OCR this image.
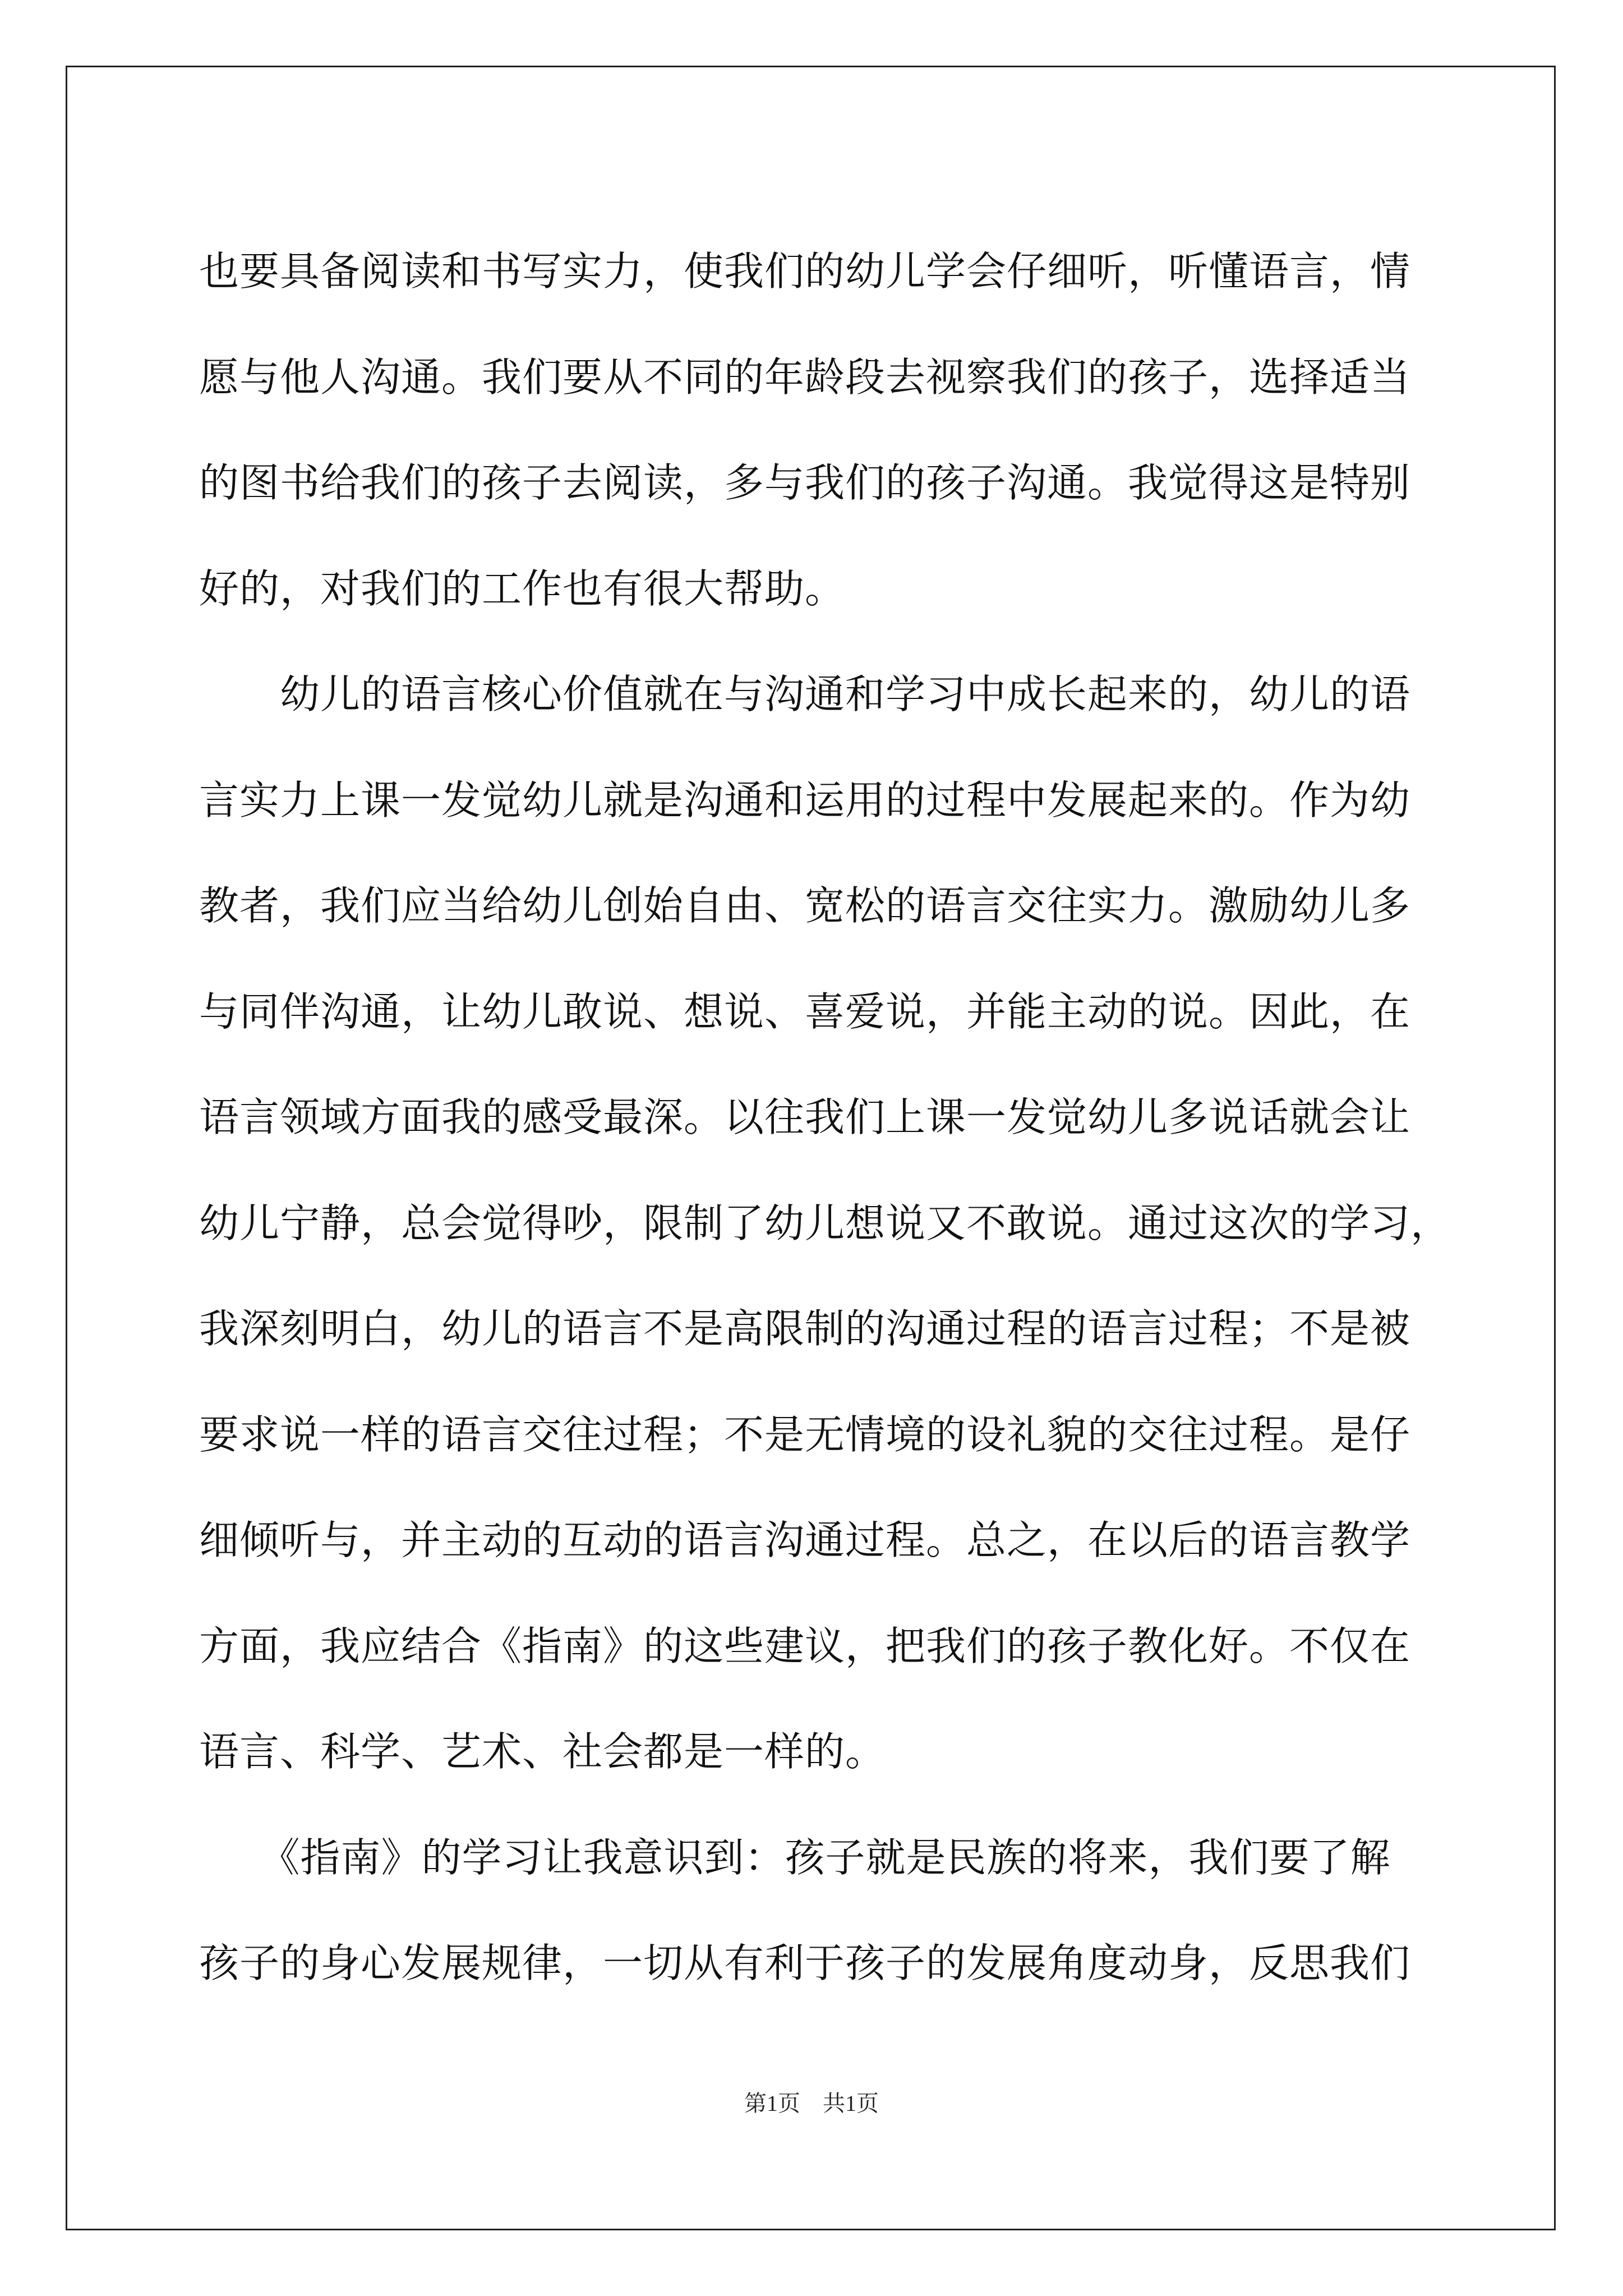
也要具备阅读和书写实力，使我们的幼儿学会仔细听，听懂语言，情
愿与他人沟通。我们要从不同的年龄段去视察我们的孩子，选择适当
的图书给我们的孩子去阅读，多与我们的孩子沟通。我觉得这是特别
好的，对我们的工作也有很大帮助。
　　幼儿的语言核心价值就在与沟通和学习中成长起来的，幼儿的语
言实力上课一发觉幼儿就是沟通和运用的过程中发展起来的。作为幼
教者，我们应当给幼儿创始自由、宽松的语言交往实力。激励幼儿多
与同伴沟通，让幼儿敢说、想说、喜爱说，并能主动的说。因此，在
语言领域方面我的感受最深。以往我们上课一发觉幼儿多说话就会让
幼儿宁静，总会觉得吵，限制了幼儿想说又不敢说。通过这次的学习，
我深刻明白，幼儿的语言不是高限制的沟通过程的语言过程；不是被
要求说一样的语言交往过程；不是无情境的设礼貌的交往过程。是仔
细倾听与，并主动的互动的语言沟通过程。总之，在以后的语言教学
方面，我应结合《指南》的这些建议，把我们的孩子教化好。不仅在
语言、科学、艺术、社会都是一样的。
　　《指南》的学习让我意识到：孩子就是民族的将来，我们要了解
孩子的身心发展规律，一切从有利于孩子的发展角度动身，反思我们
第1页　共1页
